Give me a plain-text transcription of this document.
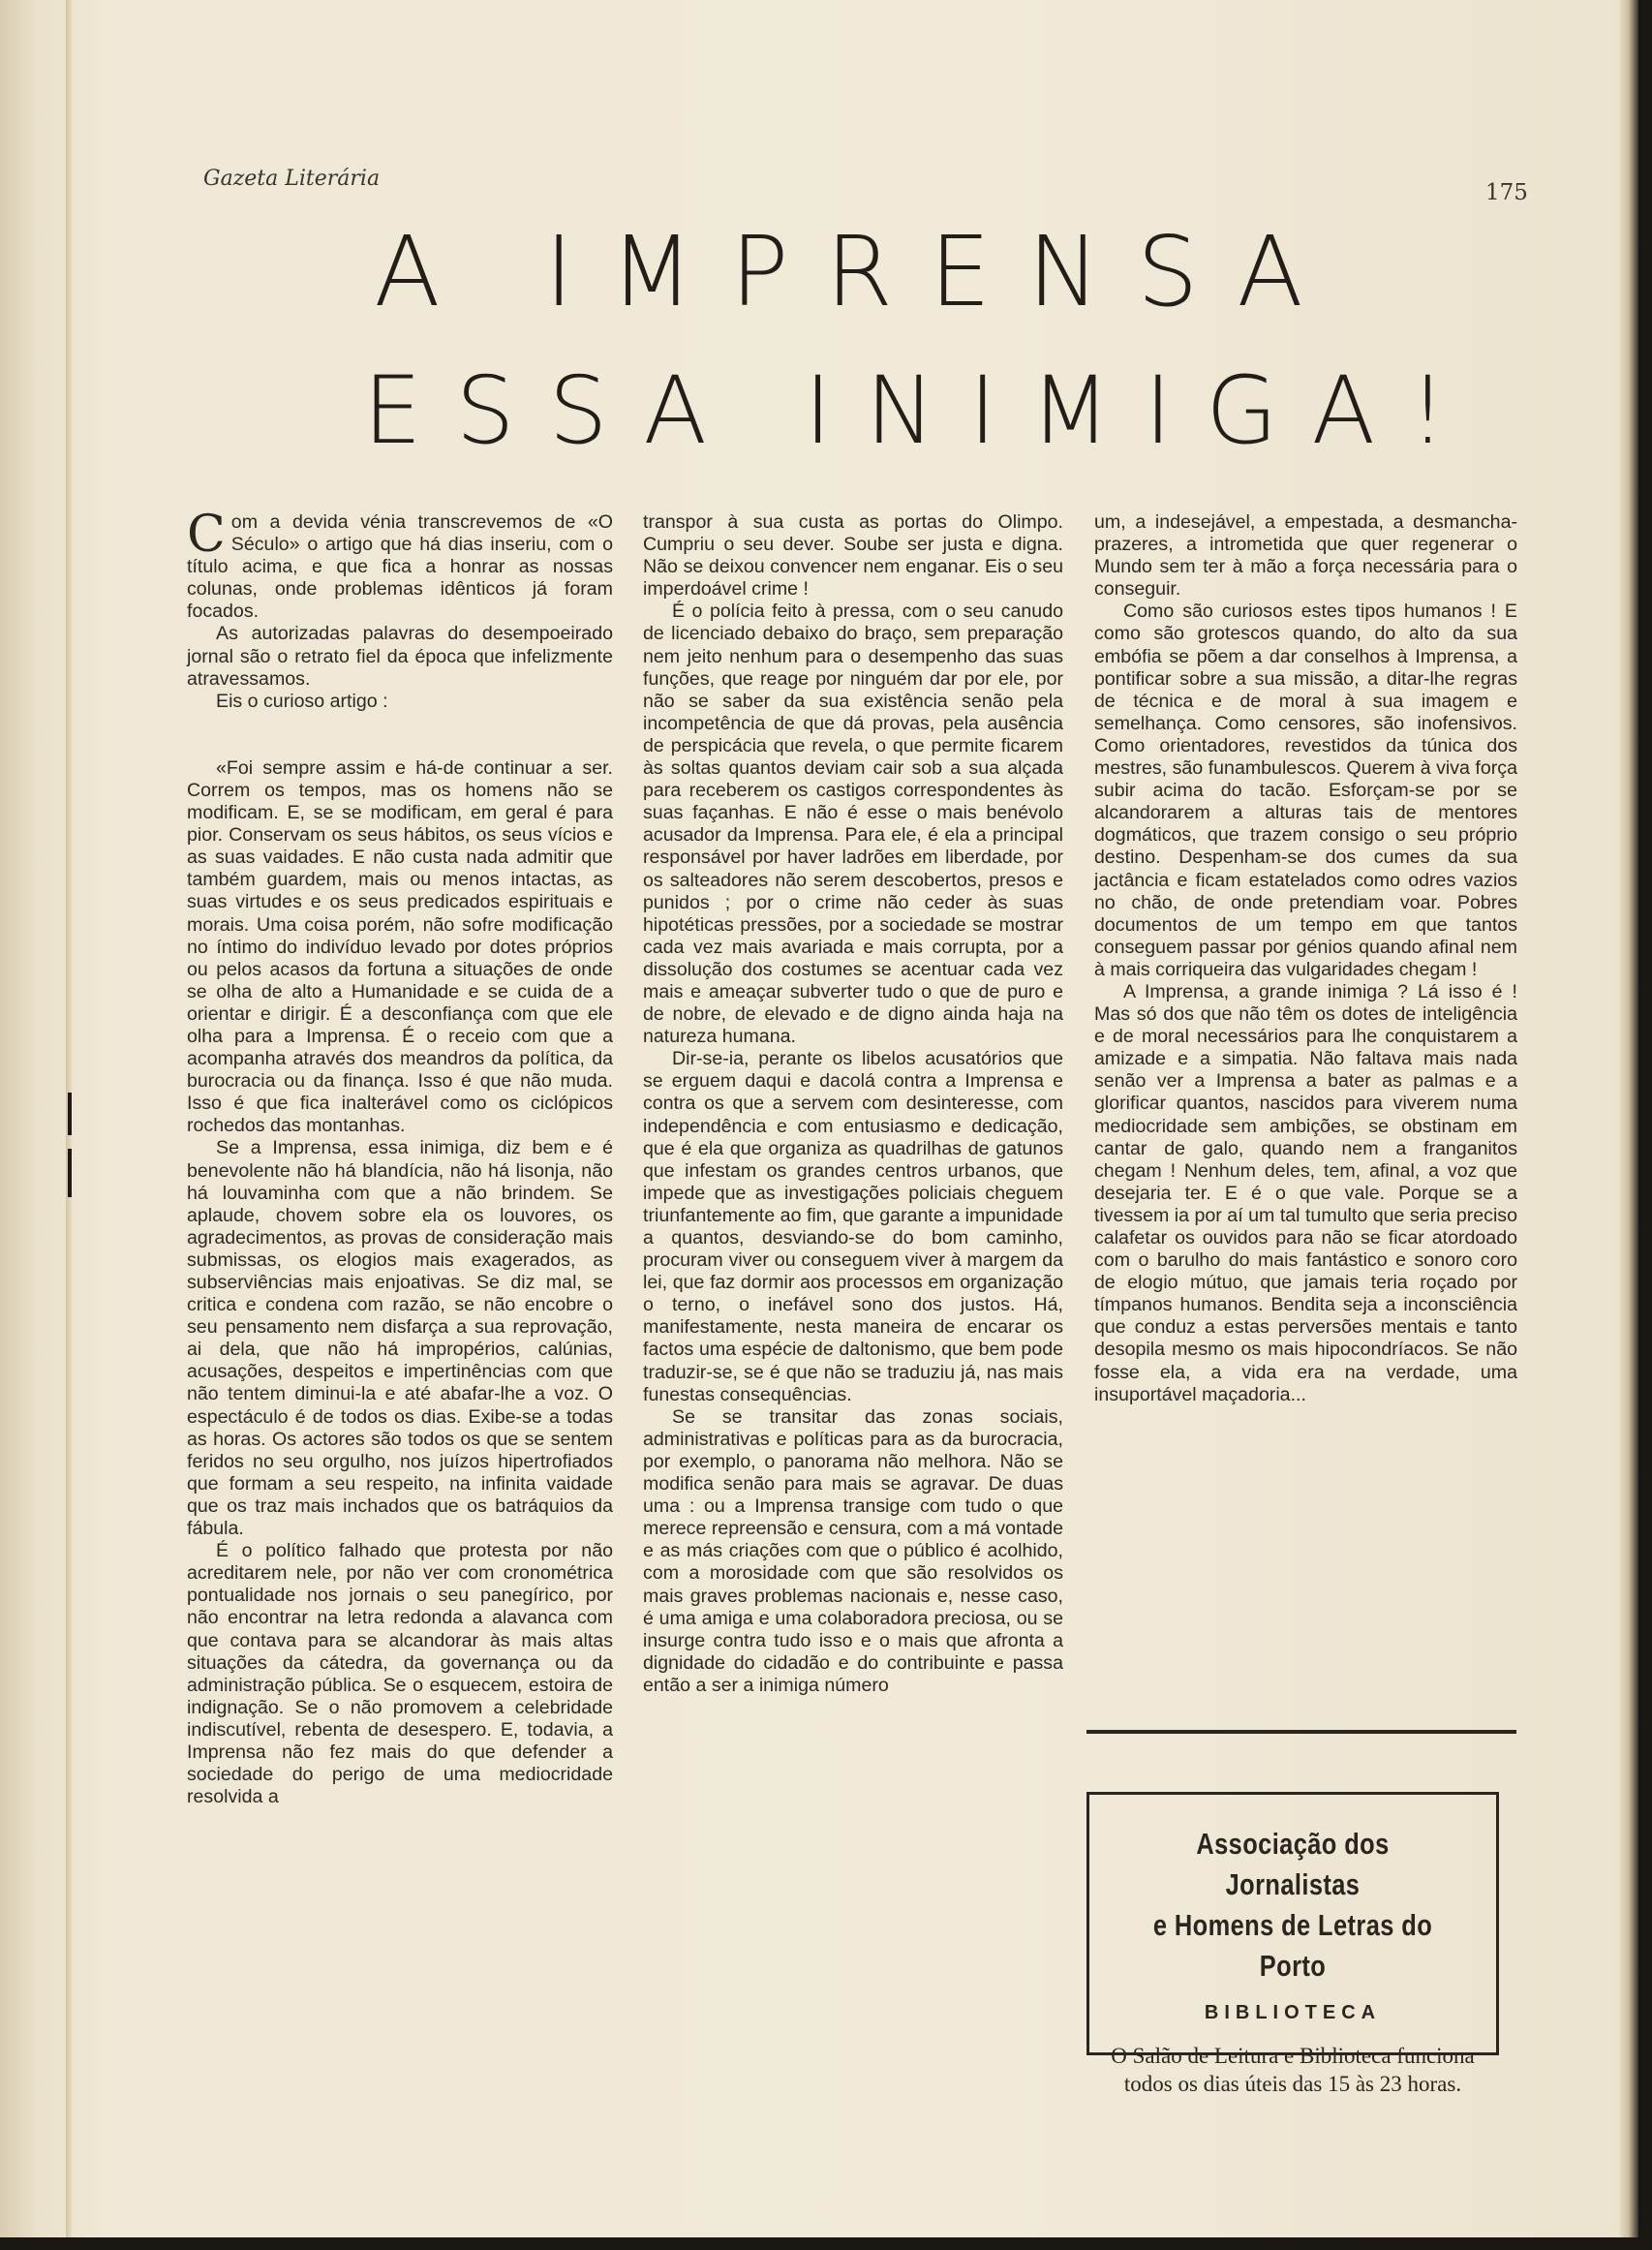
Gazeta Literária
175
A IMPRENSA
ESSA INIMIGA!

Com a devida vénia transcrevemos de «O Século» o artigo que há dias inseriu, com o título acima, e que fica a honrar as nossas colunas, onde problemas idênticos já foram focados.

As autorizadas palavras do desempoeirado jornal são o retrato fiel da época que infelizmente atravessamos.

Eis o curioso artigo :

«Foi sempre assim e há-de continuar a ser. Correm os tempos, mas os homens não se modificam. E, se se modificam, em geral é para pior. Conservam os seus hábitos, os seus vícios e as suas vaidades. E não custa nada admitir que também guardem, mais ou menos intactas, as suas virtudes e os seus predicados espirituais e morais. Uma coisa porém, não sofre modificação no íntimo do indivíduo levado por dotes próprios ou pelos acasos da fortuna a situações de onde se olha de alto a Humanidade e se cuida de a orientar e dirigir. É a desconfiança com que ele olha para a Imprensa. É o receio com que a acompanha através dos meandros da política, da burocracia ou da finança. Isso é que não muda. Isso é que fica inalterável como os ciclópicos rochedos das montanhas.

Se a Imprensa, essa inimiga, diz bem e é benevolente não há blandícia, não há lisonja, não há louvaminha com que a não brindem. Se aplaude, chovem sobre ela os louvores, os agradecimentos, as provas de consideração mais submissas, os elogios mais exagerados, as subserviências mais enjoativas. Se diz mal, se critica e condena com razão, se não encobre o seu pensamento nem disfarça a sua reprovação, ai dela, que não há impropérios, calúnias, acusações, despeitos e impertinências com que não tentem diminui-la e até abafar-lhe a voz. O espectáculo é de todos os dias. Exibe-se a todas as horas. Os actores são todos os que se sentem feridos no seu orgulho, nos juízos hipertrofiados que formam a seu respeito, na infinita vaidade que os traz mais inchados que os batráquios da fábula.

É o político falhado que protesta por não acreditarem nele, por não ver com cronométrica pontualidade nos jornais o seu panegírico, por não encontrar na letra redonda a alavanca com que contava para se alcandorar às mais altas situações da cátedra, da governança ou da administração pública. Se o esquecem, estoira de indignação. Se o não promovem a celebridade indiscutível, rebenta de desespero. E, todavia, a Imprensa não fez mais do que defender a sociedade do perigo de uma mediocridade resolvida a

transpor à sua custa as portas do Olimpo. Cumpriu o seu dever. Soube ser justa e digna. Não se deixou convencer nem enganar. Eis o seu imperdoável crime !

É o polícia feito à pressa, com o seu canudo de licenciado debaixo do braço, sem preparação nem jeito nenhum para o desempenho das suas funções, que reage por ninguém dar por ele, por não se saber da sua existência senão pela incompetência de que dá provas, pela ausência de perspicácia que revela, o que permite ficarem às soltas quantos deviam cair sob a sua alçada para receberem os castigos correspondentes às suas façanhas. E não é esse o mais benévolo acusador da Imprensa. Para ele, é ela a principal responsável por haver ladrões em liberdade, por os salteadores não serem descobertos, presos e punidos ; por o crime não ceder às suas hipotéticas pressões, por a sociedade se mostrar cada vez mais avariada e mais corrupta, por a dissolução dos costumes se acentuar cada vez mais e ameaçar subverter tudo o que de puro e de nobre, de elevado e de digno ainda haja na natureza humana.

Dir-se-ia, perante os libelos acusatórios que se erguem daqui e dacolá contra a Imprensa e contra os que a servem com desinteresse, com independência e com entusiasmo e dedicação, que é ela que organiza as quadrilhas de gatunos que infestam os grandes centros urbanos, que impede que as investigações policiais cheguem triunfantemente ao fim, que garante a impunidade a quantos, desviando-se do bom caminho, procuram viver ou conseguem viver à margem da lei, que faz dormir aos processos em organização o terno, o inefável sono dos justos. Há, manifestamente, nesta maneira de encarar os factos uma espécie de daltonismo, que bem pode traduzir-se, se é que não se traduziu já, nas mais funestas consequências.

Se se transitar das zonas sociais, administrativas e políticas para as da burocracia, por exemplo, o panorama não melhora. Não se modifica senão para mais se agravar. De duas uma : ou a Imprensa transige com tudo o que merece repreensão e censura, com a má vontade e as más criações com que o público é acolhido, com a morosidade com que são resolvidos os mais graves problemas nacionais e, nesse caso, é uma amiga e uma colaboradora preciosa, ou se insurge contra tudo isso e o mais que afronta a dignidade do cidadão e do contribuinte e passa então a ser a inimiga número

um, a indesejável, a empestada, a desmancha-prazeres, a intrometida que quer regenerar o Mundo sem ter à mão a força necessária para o conseguir.

Como são curiosos estes tipos humanos ! E como são grotescos quando, do alto da sua embófia se põem a dar conselhos à Imprensa, a pontificar sobre a sua missão, a ditar-lhe regras de técnica e de moral à sua imagem e semelhança. Como censores, são inofensivos. Como orientadores, revestidos da túnica dos mestres, são funambulescos. Querem à viva força subir acima do tacão. Esforçam-se por se alcandorarem a alturas tais de mentores dogmáticos, que trazem consigo o seu próprio destino. Despenham-se dos cumes da sua jactância e ficam estatelados como odres vazios no chão, de onde pretendiam voar. Pobres documentos de um tempo em que tantos conseguem passar por génios quando afinal nem à mais corriqueira das vulgaridades chegam !

A Imprensa, a grande inimiga ? Lá isso é ! Mas só dos que não têm os dotes de inteligência e de moral necessários para lhe conquistarem a amizade e a simpatia. Não faltava mais nada senão ver a Imprensa a bater as palmas e a glorificar quantos, nascidos para viverem numa mediocridade sem ambições, se obstinam em cantar de galo, quando nem a franganitos chegam ! Nenhum deles, tem, afinal, a voz que desejaria ter. E é o que vale. Porque se a tivessem ia por aí um tal tumulto que seria preciso calafetar os ouvidos para não se ficar atordoado com o barulho do mais fantástico e sonoro coro de elogio mútuo, que jamais teria roçado por tímpanos humanos. Bendita seja a inconsciência que conduz a estas perversões mentais e tanto desopila mesmo os mais hipocondríacos. Se não fosse ela, a vida era na verdade, uma insuportável maçadoria...

Associação dos Jornalistas
e Homens de Letras do Porto
BIBLIOTECA
O Salão de Leitura e Biblioteca funciona todos os dias úteis das 15 às 23 horas.
